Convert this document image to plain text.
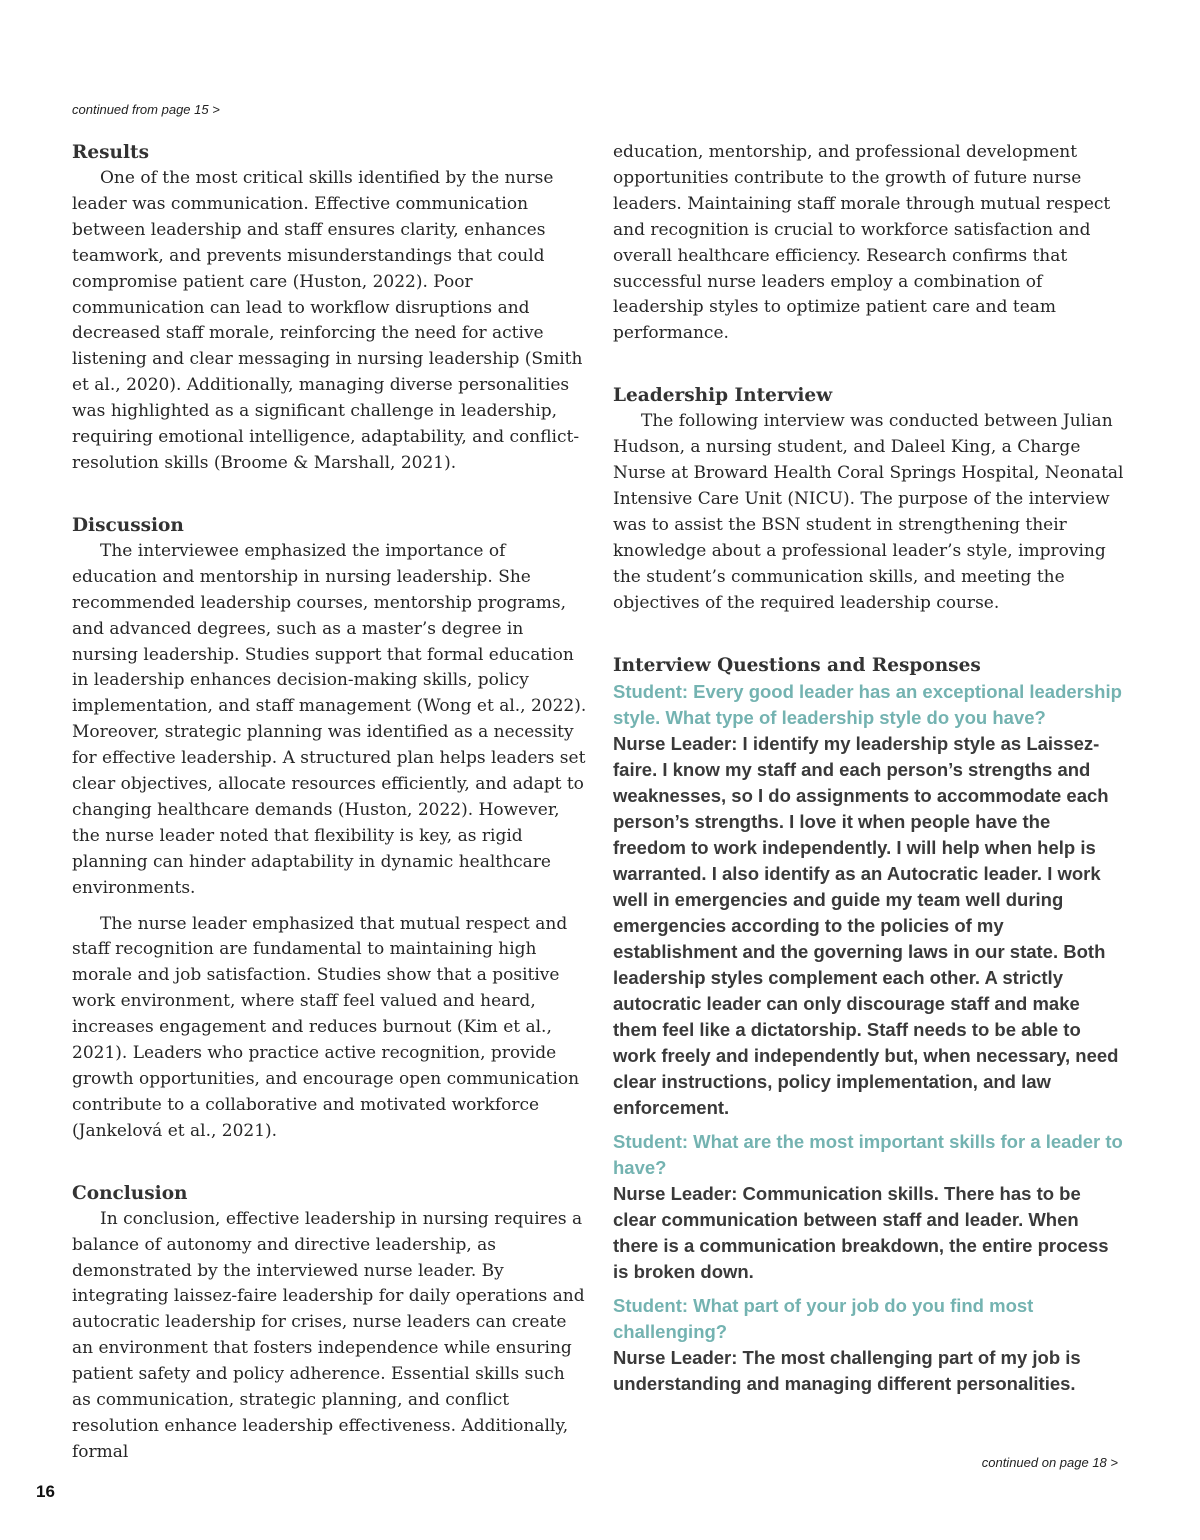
continued from page 15 >
Results

One of the most critical skills identified by the nurse leader was communication. Effective communication between leadership and staff ensures clarity, enhances teamwork, and prevents misunderstandings that could compromise patient care (Huston, 2022). Poor communication can lead to workflow disruptions and decreased staff morale, reinforcing the need for active listening and clear messaging in nursing leadership (Smith et al., 2020). Additionally, managing diverse personalities was highlighted as a significant challenge in leadership, requiring emotional intelligence, adaptability, and conflict-resolution skills (Broome & Marshall, 2021).

Discussion

The interviewee emphasized the importance of education and mentorship in nursing leadership. She recommended leadership courses, mentorship programs, and advanced degrees, such as a master’s degree in nursing leadership. Studies support that formal education in leadership enhances decision-making skills, policy implementation, and staff management (Wong et al., 2022). Moreover, strategic planning was identified as a necessity for effective leadership. A structured plan helps leaders set clear objectives, allocate resources efficiently, and adapt to changing healthcare demands (Huston, 2022). However, the nurse leader noted that flexibility is key, as rigid planning can hinder adaptability in dynamic healthcare environments.

The nurse leader emphasized that mutual respect and staff recognition are fundamental to maintaining high morale and job satisfaction. Studies show that a positive work environment, where staff feel valued and heard, increases engagement and reduces burnout (Kim et al., 2021). Leaders who practice active recognition, provide growth opportunities, and encourage open communication contribute to a collaborative and motivated workforce (Jankelová et al., 2021).

Conclusion

In conclusion, effective leadership in nursing requires a balance of autonomy and directive leadership, as demonstrated by the interviewed nurse leader. By integrating laissez-faire leadership for daily operations and autocratic leadership for crises, nurse leaders can create an environment that fosters independence while ensuring patient safety and policy adherence. Essential skills such as communication, strategic planning, and conflict resolution enhance leadership effectiveness. Additionally, formal

education, mentorship, and professional development opportunities contribute to the growth of future nurse leaders. Maintaining staff morale through mutual respect and recognition is crucial to workforce satisfaction and overall healthcare efficiency. Research confirms that successful nurse leaders employ a combination of leadership styles to optimize patient care and team performance.

Leadership Interview

The following interview was conducted between Julian Hudson, a nursing student, and Daleel King, a Charge Nurse at Broward Health Coral Springs Hospital, Neonatal Intensive Care Unit (NICU). The purpose of the interview was to assist the BSN student in strengthening their knowledge about a professional leader’s style, improving the student’s communication skills, and meeting the objectives of the required leadership course.

Interview Questions and Responses
Student: Every good leader has an exceptional leadership style. What type of leadership style do you have?
Nurse Leader: I identify my leadership style as Laissez-faire. I know my staff and each person’s strengths and weaknesses, so I do assignments to accommodate each person’s strengths. I love it when people have the freedom to work independently. I will help when help is warranted. I also identify as an Autocratic leader. I work well in emergencies and guide my team well during emergencies according to the policies of my establishment and the governing laws in our state. Both leadership styles complement each other. A strictly autocratic leader can only discourage staff and make them feel like a dictatorship. Staff needs to be able to work freely and independently but, when necessary, need clear instructions, policy implementation, and law enforcement.
Student: What are the most important skills for a leader to have?
Nurse Leader: Communication skills. There has to be clear communication between staff and leader. When there is a communication breakdown, the entire process is broken down.
Student: What part of your job do you find most challenging?
Nurse Leader: The most challenging part of my job is understanding and managing different personalities.
continued on page 18 >
16
